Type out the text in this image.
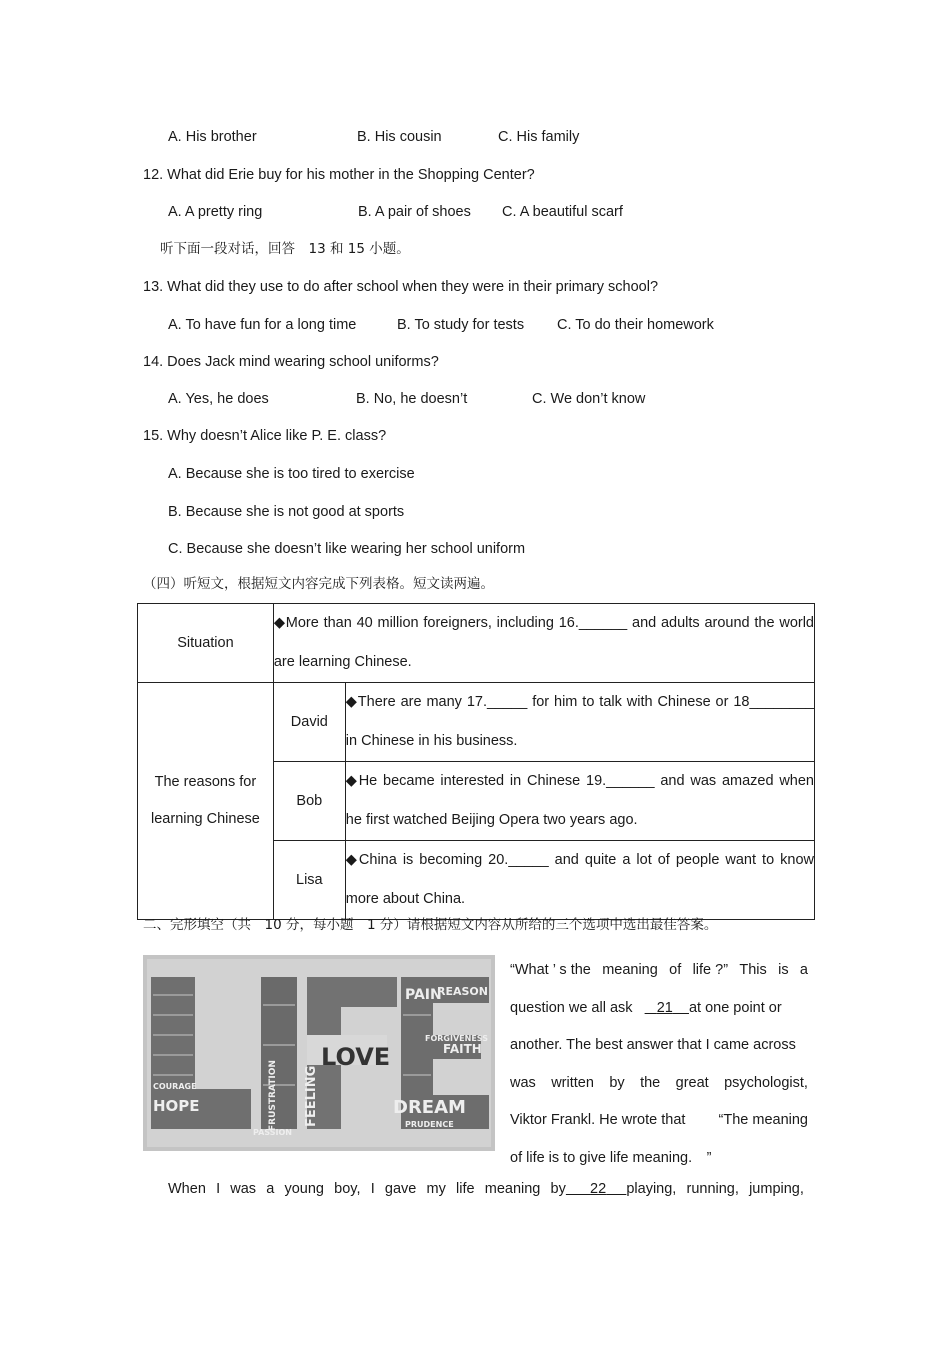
A. His brother	B. His cousin	C. His family
12. What did Erie buy for his mother in the Shopping Center?
A. A pretty ring	B. A pair of shoes C. A beautiful scarf
听下面一段对话，回答　13 和 15 小题。
13. What did they use to do after school when they were in their primary school?
A. To have fun for a long time	B. To study for tests C. To do their homework
14. Does Jack mind wearing school uniforms?
A. Yes, he does	B. No, he doesn’t	C. We don’t know
15. Why doesn’t Alice like P. E. class?
A. Because she is too tired to exercise
B. Because she is not good at sports
C. Because she doesn’t like wearing her school uniform
（四）听短文，根据短文内容完成下列表格。短文读两遍。
Situation	◆More than 40 million foreigners, including 16.______ and adults around the world are learning Chinese.	
The reasons for learning Chinese	David	◆There are many 17._____ for him to talk with Chinese or 18________ in Chinese in his business.
	Bob	◆He became interested in Chinese 19.______ and was amazed when he first watched Beijing Opera two years ago.
	Lisa	◆China is becoming 20._____ and quite a lot of people want to know more about China.
二、完形填空（共　10 分，每小题　1 分）请根据短文内容从所给的三个选项中选出最佳答案。
LOVE
FEELING	DREAM
HOPE
PAIN
REASON
FAITH
COURAGE	FRUSTRATION
PASSION
FORGIVENESS
PRUDENCE
“What ’ s the meaning of life ?” This is a
question we all ask 21 at one point or
another. The best answer that I came across
was written by the great psychologist,
Viktor Frankl. He wrote that “The meaning
of life is to give life meaning.　”
When I was a young boy, I gave my life meaning by 22 playing, running, jumping,
